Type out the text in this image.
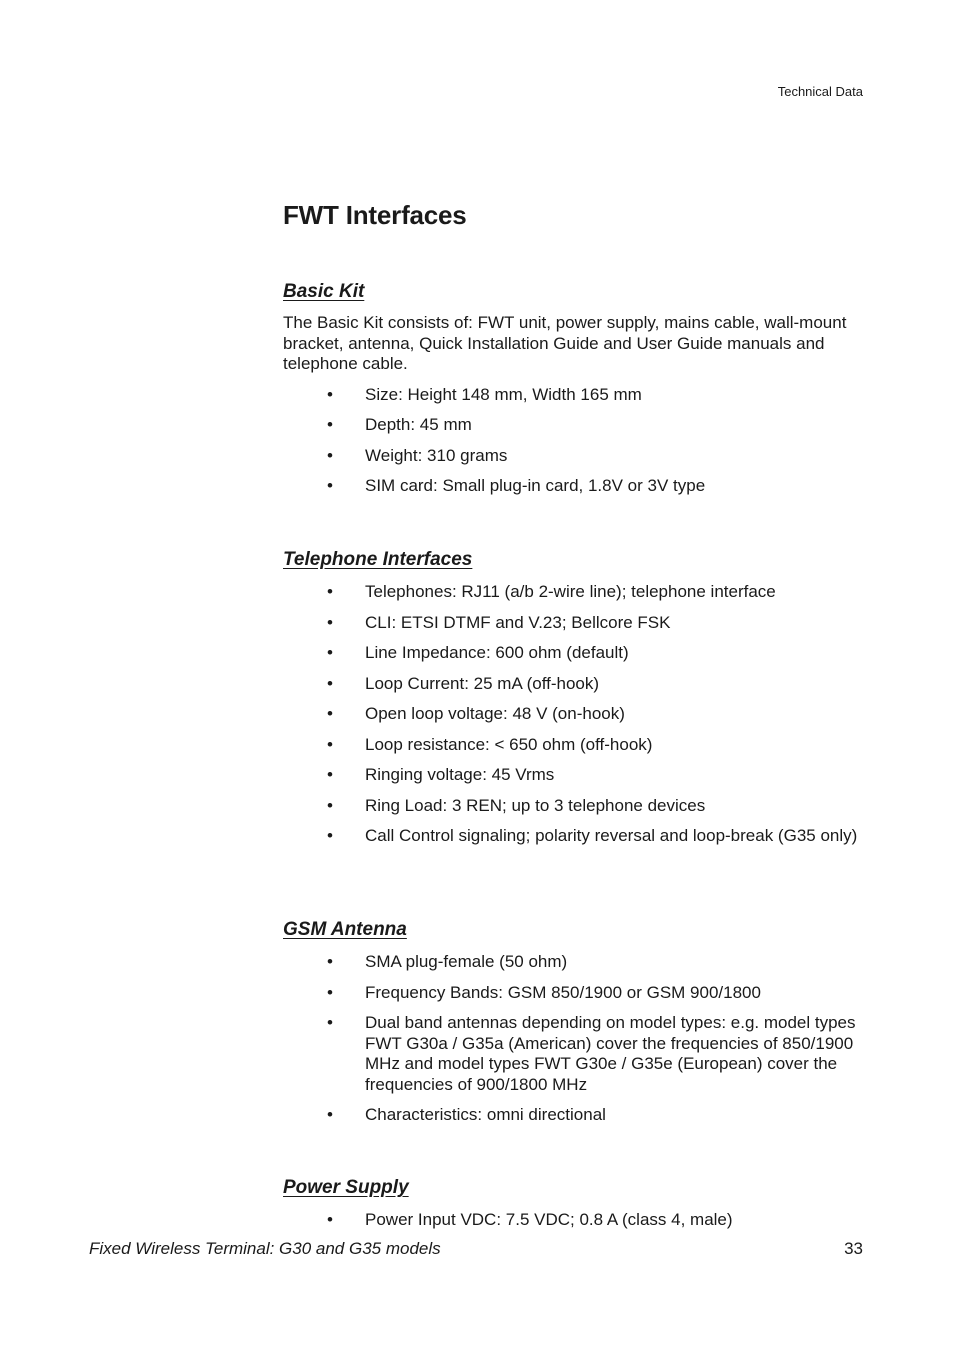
Technical Data
FWT Interfaces
Basic Kit

The Basic Kit consists of: FWT unit, power supply, mains cable, wall-mount bracket, antenna, Quick Installation Guide and User Guide manuals and telephone cable.

• Size: Height 148 mm, Width 165 mm
• Depth: 45 mm
• Weight: 310 grams
• SIM card: Small plug-in card, 1.8V or 3V type
Telephone Interfaces
• Telephones: RJ11 (a/b 2-wire line); telephone interface
• CLI: ETSI DTMF and V.23; Bellcore FSK
• Line Impedance: 600 ohm (default)
• Loop Current: 25 mA (off-hook)
• Open loop voltage: 48 V (on-hook)
• Loop resistance: < 650 ohm (off-hook)
• Ringing voltage: 45 Vrms
• Ring Load: 3 REN; up to 3 telephone devices
• Call Control signaling; polarity reversal and loop-break (G35 only)
GSM Antenna
• SMA plug-female (50 ohm)
• Frequency Bands: GSM 850/1900 or GSM 900/1800
• Dual band antennas depending on model types: e.g. model types FWT G30a / G35a (American) cover the frequencies of 850/1900 MHz and model types FWT G30e / G35e (European) cover the frequencies of 900/1800 MHz
• Characteristics: omni directional
Power Supply
• Power Input VDC: 7.5 VDC; 0.8 A (class 4, male)
Fixed Wireless Terminal: G30 and G35 models	33
